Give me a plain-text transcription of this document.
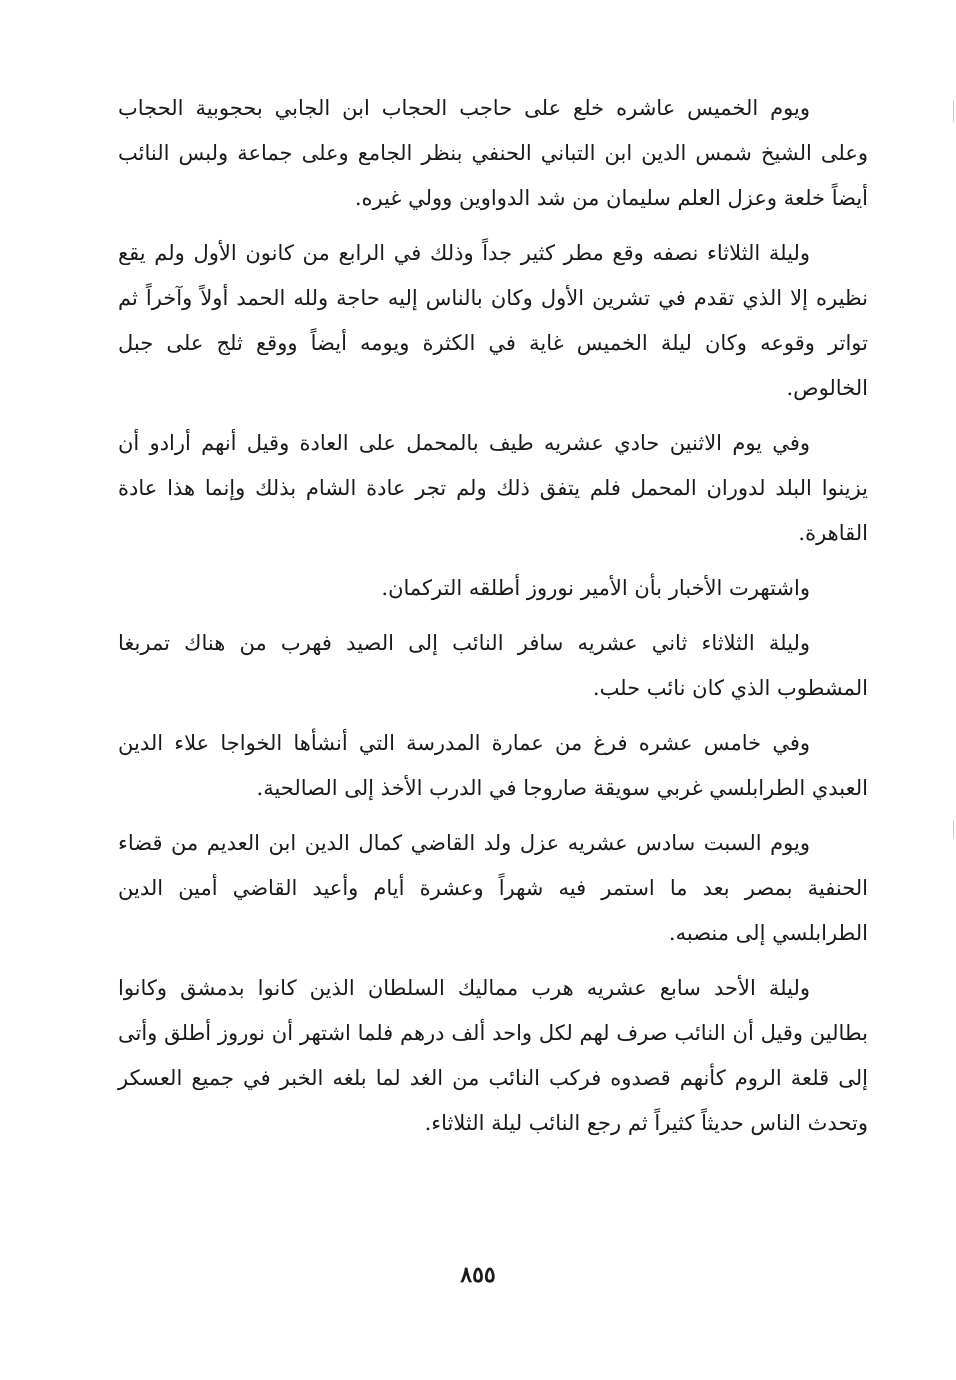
ويوم الخميس عاشره خلع على حاجب الحجاب ابن الجابي بحجوبية الحجاب وعلى الشيخ شمس الدين ابن التباني الحنفي بنظر الجامع وعلى جماعة ولبس النائب أيضاً خلعة وعزل العلم سليمان من شد الدواوين وولي غيره.

وليلة الثلاثاء نصفه وقع مطر كثير جداً وذلك في الرابع من كانون الأول ولم يقع نظيره إلا الذي تقدم في تشرين الأول وكان بالناس إليه حاجة ولله الحمد أولاً وآخراً ثم تواتر وقوعه وكان ليلة الخميس غاية في الكثرة ويومه أيضاً ووقع ثلج على جبل الخالوص.

وفي يوم الاثنين حادي عشريه طيف بالمحمل على العادة وقيل أنهم أرادو أن يزينوا البلد لدوران المحمل فلم يتفق ذلك ولم تجر عادة الشام بذلك وإنما هذا عادة القاهرة.

واشتهرت الأخبار بأن الأمير نوروز أطلقه التركمان.

وليلة الثلاثاء ثاني عشريه سافر النائب إلى الصيد فهرب من هناك تمربغا المشطوب الذي كان نائب حلب.

وفي خامس عشره فرغ من عمارة المدرسة التي أنشأها الخواجا علاء الدين العبدي الطرابلسي غربي سويقة صاروجا في الدرب الأخذ إلى الصالحية.

ويوم السبت سادس عشريه عزل ولد القاضي كمال الدين ابن العديم من قضاء الحنفية بمصر بعد ما استمر فيه شهراً وعشرة أيام وأعيد القاضي أمين الدين الطرابلسي إلى منصبه.

وليلة الأحد سابع عشريه هرب مماليك السلطان الذين كانوا بدمشق وكانوا بطالين وقيل أن النائب صرف لهم لكل واحد ألف درهم فلما اشتهر أن نوروز أطلق وأتى إلى قلعة الروم كأنهم قصدوه فركب النائب من الغد لما بلغه الخبر في جميع العسكر وتحدث الناس حديثاً كثيراً ثم رجع النائب ليلة الثلاثاء.

٨٥٥
